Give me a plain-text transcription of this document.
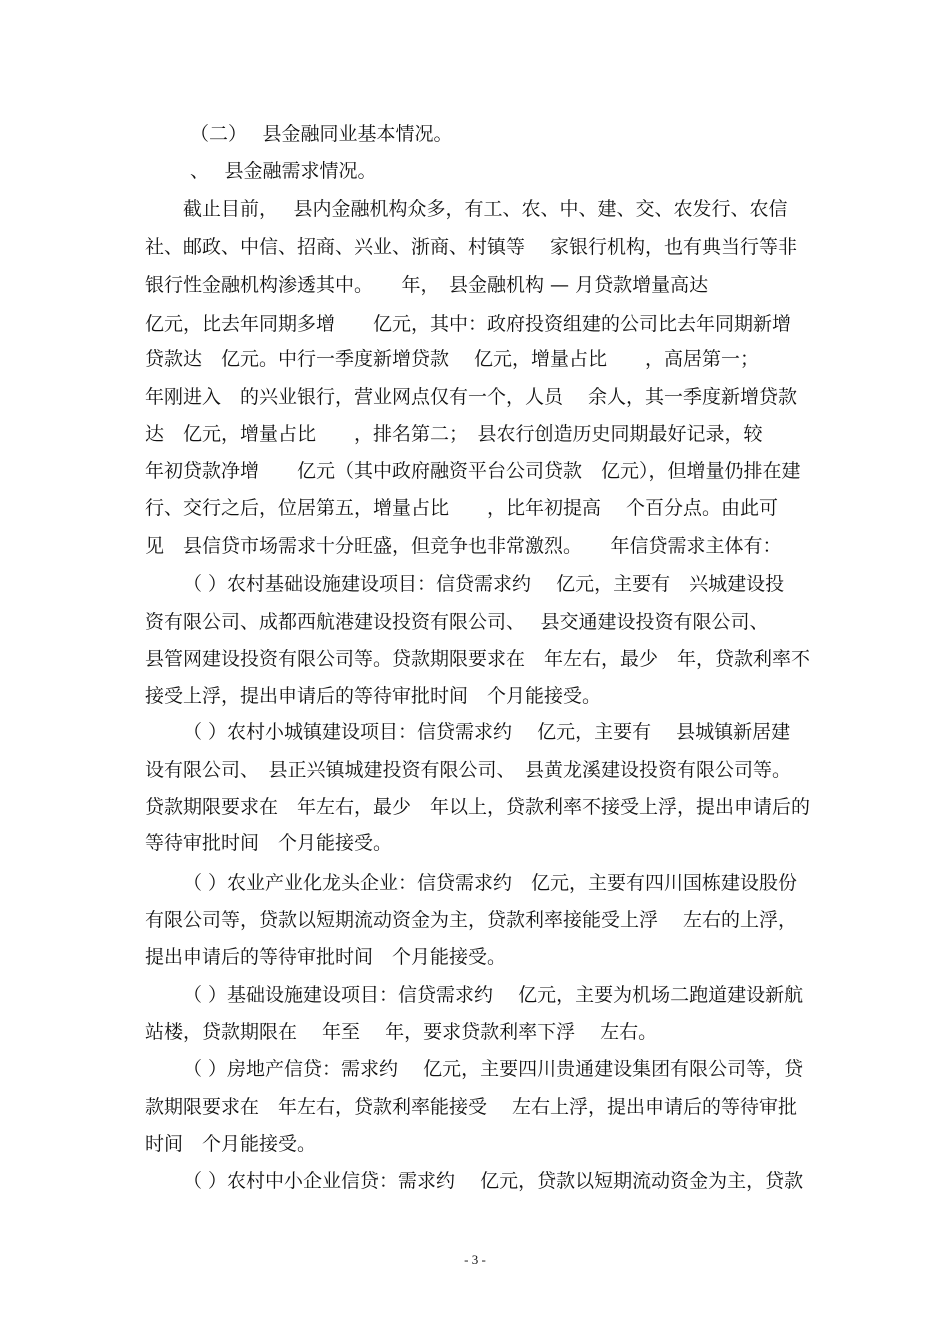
（二）　 县金融同业基本情况。
、　 县金融需求情况。
截止目前，　 县内金融机构众多，有工、农、中、建、交、农发行、农信
社、邮政、中信、招商、兴业、浙商、村镇等　 家银行机构，也有典当行等非
银行性金融机构渗透其中。　　年，　县金融机构 — 月贷款增量高达
亿元，比去年同期多增　　亿元，其中：政府投资组建的公司比去年同期新增
贷款达　亿元。中行一季度新增贷款　 亿元，增量占比　　，高居第一；
年刚进入　的兴业银行，营业网点仅有一个，人员　 余人，其一季度新增贷款
达　亿元，增量占比　　，排名第二；　县农行创造历史同期最好记录，较
年初贷款净增　　亿元（其中政府融资平台公司贷款　亿元），但增量仍排在建
行、交行之后，位居第五，增量占比　　，比年初提高　 个百分点。由此可
见　县信贷市场需求十分旺盛，但竞争也非常激烈。　　年信贷需求主体有：
（ ）农村基础设施建设项目：信贷需求约　 亿元，主要有　兴城建设投
资有限公司、成都西航港建设投资有限公司、　 县交通建设投资有限公司、
县管网建设投资有限公司等。贷款期限要求在　年左右，最少　年，贷款利率不
接受上浮，提出申请后的等待审批时间　个月能接受。
（ ）农村小城镇建设项目：信贷需求约　 亿元，主要有　 县城镇新居建
设有限公司、　县正兴镇城建投资有限公司、　县黄龙溪建设投资有限公司等。
贷款期限要求在　年左右，最少　年以上，贷款利率不接受上浮，提出申请后的
等待审批时间　个月能接受。
（ ）农业产业化龙头企业：信贷需求约　亿元，主要有四川国栋建设股份
有限公司等，贷款以短期流动资金为主，贷款利率接能受上浮　 左右的上浮，
提出申请后的等待审批时间　个月能接受。
（ ）基础设施建设项目：信贷需求约　 亿元，主要为机场二跑道建设新航
站楼，贷款期限在　 年至　 年，要求贷款利率下浮　 左右。
（ ）房地产信贷：需求约　 亿元，主要四川贵通建设集团有限公司等，贷
款期限要求在　年左右，贷款利率能接受　 左右上浮，提出申请后的等待审批
时间　个月能接受。
（ ）农村中小企业信贷：需求约　 亿元，贷款以短期流动资金为主，贷款
- 3 -
